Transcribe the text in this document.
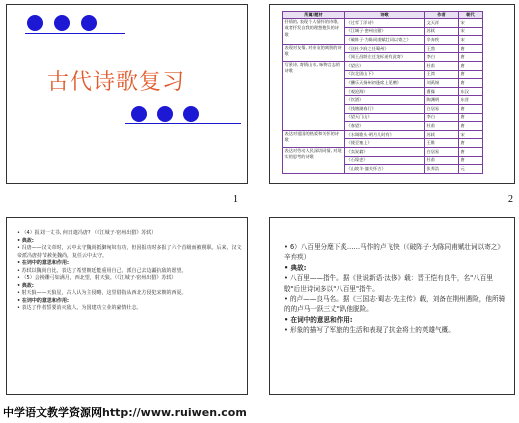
古代诗歌复习
1
所属/题材	诗歌	作者	朝代
抒情的, 表现个人情怀的诗歌, 或者抒发自我的理想抱负的诗歌	《过零丁洋诗》	文天祥	宋
	《江城子·密州出猎》	苏轼	宋
	《破阵子·为陈同甫赋壮词以寄之》	辛弃疾	宋
表现对友情, 对亲友的离别的诗歌	《送杜少府之任蜀州》	王勃	唐
	《闻王昌龄左迁龙标遥有此寄》	李白	唐
写景诗, 寄情山水, 咏物言志的诗歌	《望岳》	杜甫	唐
	《次北固山下》	王湾	唐
	《酬乐天扬州初逢席上见赠》	刘禹锡	唐
	《观沧海》	曹操	东汉
	《饮酒》	陶渊明	东晋
	《钱塘湖春行》	白居易	唐
	《望天门山》	李白	唐
	《春望》	杜甫	唐
表达对祖国的热爱和关怀的诗歌	《水调歌头·明月几时有》	苏轼	宋
	《使至塞上》	王维	唐
表达对劳动人民深切同情, 对现实的思考的诗歌	《卖炭翁》	白居易	唐
	《石壕吏》	杜甫	唐
	《山坡羊·潼关怀古》	张养浩	元
2

• （4）报刘一丈书, 何日遣冯唐? （《江城子·密州出猎》苏轼）

• 典故:

• 冯唐——汉文帝时，云中太守魏尚抵御匈奴有功，但因报功时多报了六个首级而被削职。后来，汉文帝派冯唐持节赦免魏尚，复任云中太守。

• 在词中的意思和作用:

• 苏轼以魏尚自比，表达了希望朝廷能重用自己，派自己去边疆抗敌的愿望。

• （5）会挽雕弓如满月，西北望，射天狼。（《江城子·密州出猎》苏轼）

• 典故:

• 射天狼——天狼星，古人认为主侵略，这里借指从西北方侵犯宋朝的西夏。

• 在词中的意思和作用:

• 表达了作者誓要消灭敌人、为国建功立业的豪情壮志。

• 6）八百里分麾下炙……马作的卢飞快（《破阵子·为陈同甫赋壮词以寄之》辛弃疾）

• 典故:

• 八百里——指牛。据《世说新语·汰侈》载：晋王恺有良牛，名"八百里駮"后世诗词多以"八百里"指牛。

• 的卢——良马名。据《三国志·蜀志·先主传》载，刘备在荆州遇险，他所骑的的卢马一跃三丈"趴他脱险。

• 在词中的意思和作用:

• 形象的描写了军旅的生活和表现了抗金将士的英雄气概。

中学语文教学资源网http://www.ruiwen.com
